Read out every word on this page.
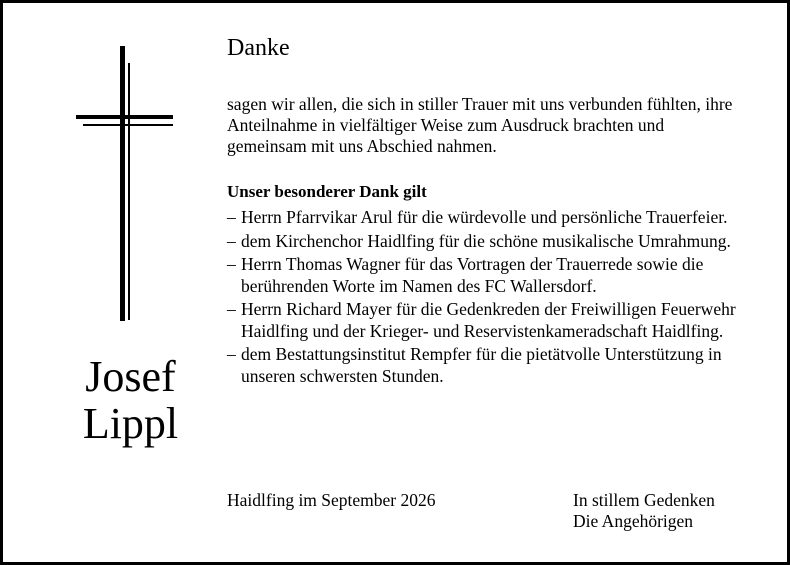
Josef
Lippl
Danke
sagen wir allen, die sich in stiller Trauer mit uns verbunden fühlten, ihre Anteilnahme in vielfältiger Weise zum Ausdruck brachten und gemeinsam mit uns Abschied nahmen.
Unser besonderer Dank gilt
– Herrn Pfarrvikar Arul für die würdevolle und persönliche Trauerfeier.
– dem Kirchenchor Haidlfing für die schöne musikalische Umrahmung.
– Herrn Thomas Wagner für das Vortragen der Trauerrede sowie die berührenden Worte im Namen des FC Wallersdorf.
– Herrn Richard Mayer für die Gedenkreden der Freiwilligen Feuerwehr Haidlfing und der Krieger- und Reservistenkameradschaft Haidlfing.
– dem Bestattungsinstitut Rempfer für die pietätvolle Unterstützung in unseren schwersten Stunden.
Haidlfing im September 2026	In stillem Gedenken
Die Angehörigen
